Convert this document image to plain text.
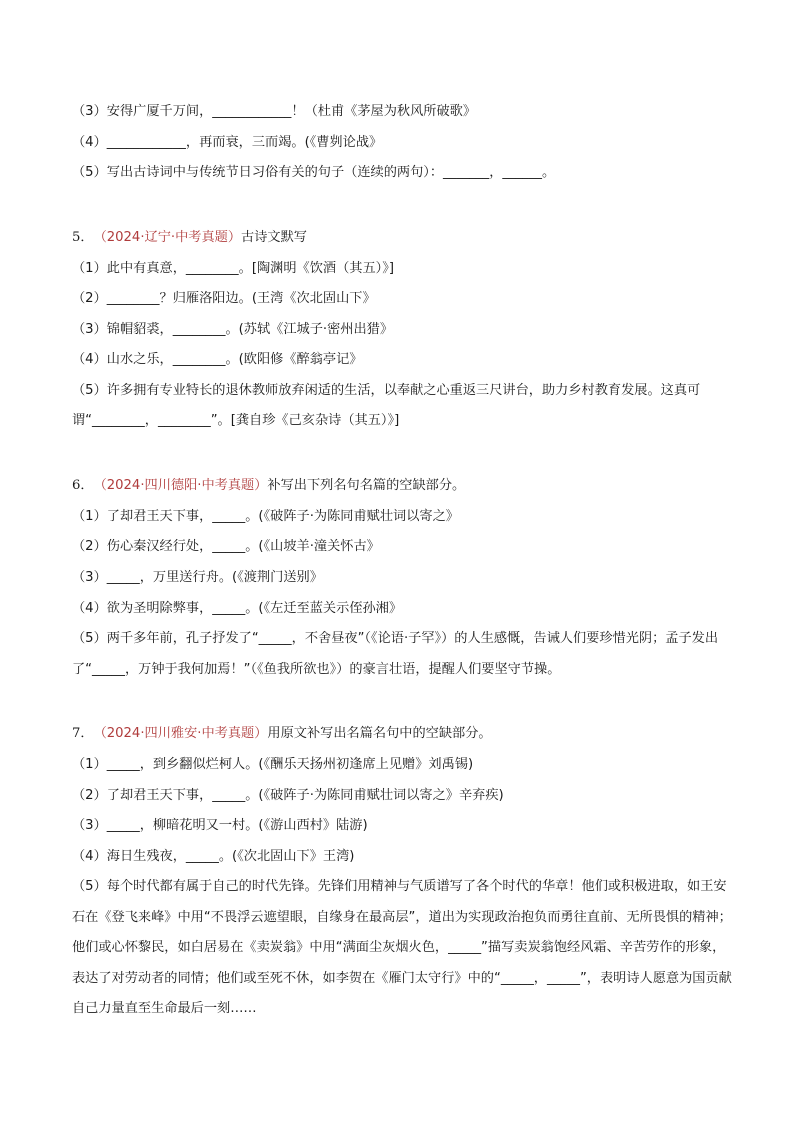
（3）安得广厦千万间，____________！（杜甫《茅屋为秋风所破歌》

（4）____________，再而衰，三而竭。(《曹刿论战》

（5）写出古诗词中与传统节日习俗有关的句子（连续的两句）：_______，______。

5． （ 2024·辽宁·中考真题 ） 古诗文默写

（1）此中有真意，________。[陶渊明《饮酒（其五）》]

（2）________？归雁洛阳边。(王湾《次北固山下》

（3）锦帽貂裘，________。(苏轼《江城子·密州出猎》

（4）山水之乐，________。(欧阳修《醉翁亭记》

（5）许多拥有专业特长的退休教师放弃闲适的生活，以奉献之心重返三尺讲台，助力乡村教育发展。这真可谓“________，________”。[龚自珍《己亥杂诗（其五）》]

6． （ 2024·四川德阳·中考真题 ） 补写出下列名句名篇的空缺部分。

（1）了却君王天下事，_____。(《破阵子·为陈同甫赋壮词以寄之》

（2）伤心秦汉经行处，_____。(《山坡羊·潼关怀古》

（3）_____，万里送行舟。(《渡荆门送别》

（4）欲为圣明除弊事，_____。(《左迁至蓝关示侄孙湘》

（5）两千多年前，孔子抒发了“_____，不舍昼夜”（《论语·子罕》）的人生感慨，告诫人们要珍惜光阴；孟子发出了“_____，万钟于我何加焉！”（《鱼我所欲也》）的豪言壮语，提醒人们要坚守节操。

7． （ 2024·四川雅安·中考真题 ） 用原文补写出名篇名句中的空缺部分。

（1）_____，到乡翻似烂柯人。(《酬乐天扬州初逢席上见赠》刘禹锡)

（2）了却君王天下事，_____。(《破阵子·为陈同甫赋壮词以寄之》辛弃疾)

（3）_____，柳暗花明又一村。(《游山西村》陆游)

（4）海日生残夜，_____。(《次北固山下》王湾)

（5）每个时代都有属于自己的时代先锋。先锋们用精神与气质谱写了各个时代的华章！他们或积极进取，如王安石在《登飞来峰》中用“不畏浮云遮望眼，自缘身在最高层”，道出为实现政治抱负而勇往直前、无所畏惧的精神；他们或心怀黎民，如白居易在《卖炭翁》中用“满面尘灰烟火色，_____”描写卖炭翁饱经风霜、辛苦劳作的形象，表达了对劳动者的同情；他们或至死不休，如李贺在《雁门太守行》中的“_____，_____”，表明诗人愿意为国贡献自己力量直至生命最后一刻……
